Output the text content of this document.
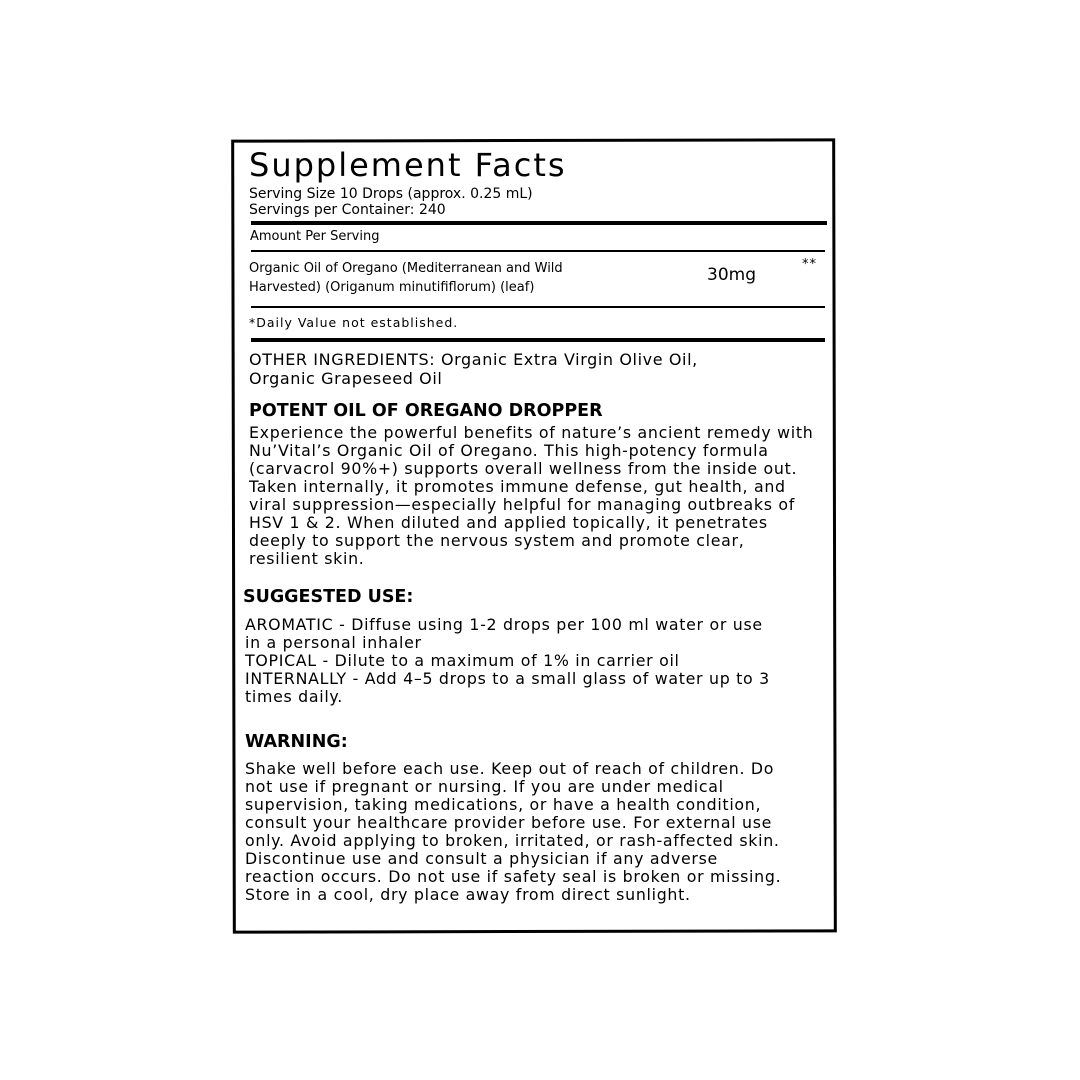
Supplement Facts
Serving Size 10 Drops (approx. 0.25 mL)
Servings per Container: 240
Amount Per Serving
Organic Oil of Oregano (Mediterranean and Wild
Harvested) (Origanum minutififlorum) (leaf)
30mg
**
*Daily Value not established.
OTHER INGREDIENTS: Organic Extra Virgin Olive Oil,
Organic Grapeseed Oil
POTENT OIL OF OREGANO DROPPER
Experience the powerful benefits of nature’s ancient remedy with
Nu’Vital’s Organic Oil of Oregano. This high-potency formula
(carvacrol 90%+) supports overall wellness from the inside out.
Taken internally, it promotes immune defense, gut health, and
viral suppression—especially helpful for managing outbreaks of
HSV 1 & 2. When diluted and applied topically, it penetrates
deeply to support the nervous system and promote clear,
resilient skin.
SUGGESTED USE:
AROMATIC - Diffuse using 1-2 drops per 100 ml water or use
in a personal inhaler
TOPICAL - Dilute to a maximum of 1% in carrier oil
INTERNALLY - Add 4–5 drops to a small glass of water up to 3
times daily.
WARNING:
Shake well before each use. Keep out of reach of children. Do
not use if pregnant or nursing. If you are under medical
supervision, taking medications, or have a health condition,
consult your healthcare provider before use. For external use
only. Avoid applying to broken, irritated, or rash-affected skin.
Discontinue use and consult a physician if any adverse
reaction occurs. Do not use if safety seal is broken or missing.
Store in a cool, dry place away from direct sunlight.
